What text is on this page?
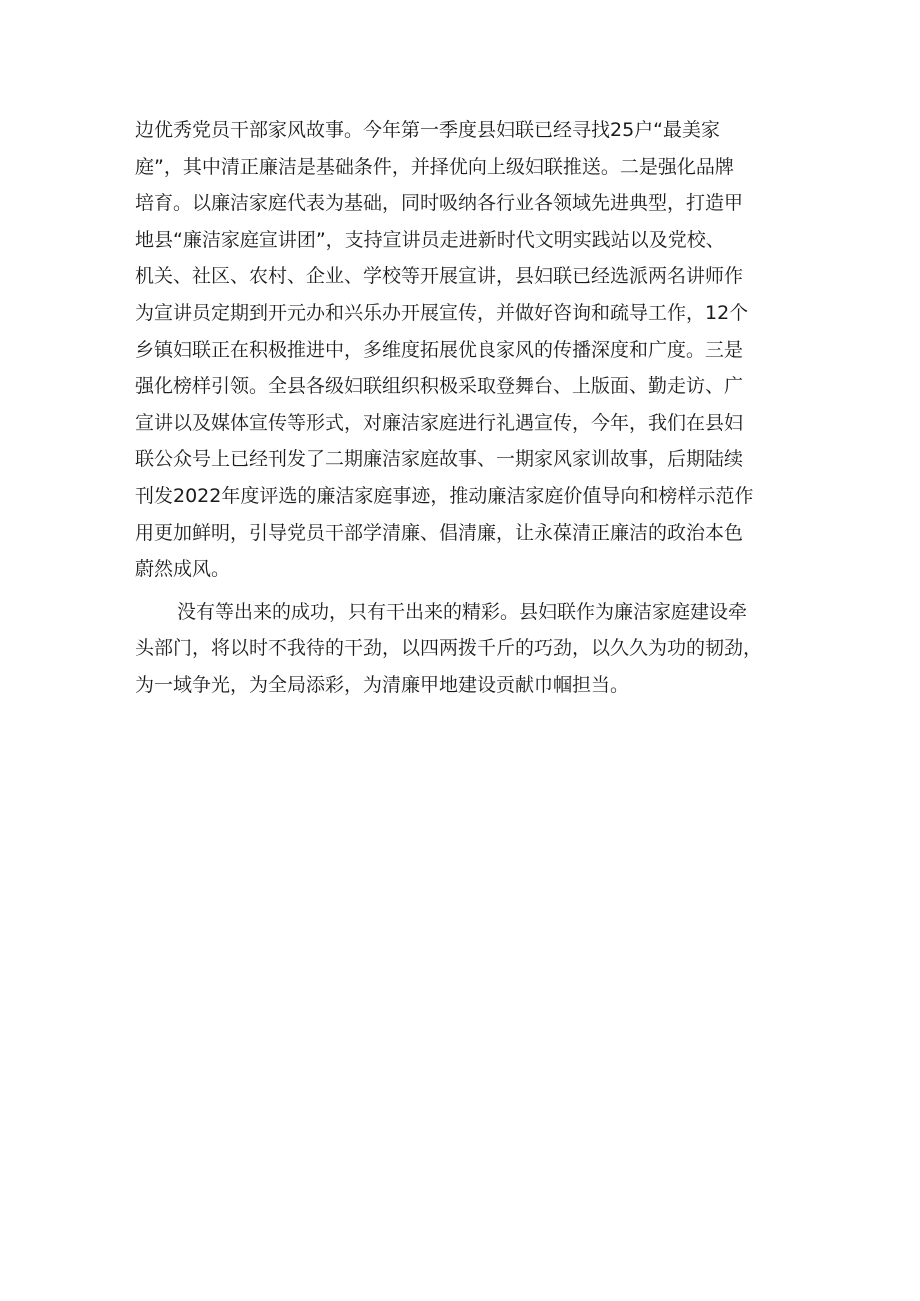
边优秀党员干部家风故事。今年第一季度县妇联已经寻找25户“最美家
庭”，其中清正廉洁是基础条件，并择优向上级妇联推送。二是强化品牌
培育。以廉洁家庭代表为基础，同时吸纳各行业各领域先进典型，打造甲
地县“廉洁家庭宣讲团”，支持宣讲员走进新时代文明实践站以及党校、
机关、社区、农村、企业、学校等开展宣讲，县妇联已经选派两名讲师作
为宣讲员定期到开元办和兴乐办开展宣传，并做好咨询和疏导工作，12个
乡镇妇联正在积极推进中，多维度拓展优良家风的传播深度和广度。三是
强化榜样引领。全县各级妇联组织积极采取登舞台、上版面、勤走访、广
宣讲以及媒体宣传等形式，对廉洁家庭进行礼遇宣传，今年，我们在县妇
联公众号上已经刊发了二期廉洁家庭故事、一期家风家训故事，后期陆续
刊发2022年度评选的廉洁家庭事迹，推动廉洁家庭价值导向和榜样示范作
用更加鲜明，引导党员干部学清廉、倡清廉，让永葆清正廉洁的政治本色
蔚然成风。
没有等出来的成功，只有干出来的精彩。县妇联作为廉洁家庭建设牵
头部门，将以时不我待的干劲，以四两拨千斤的巧劲，以久久为功的韧劲，
为一域争光，为全局添彩，为清廉甲地建设贡献巾帼担当。
